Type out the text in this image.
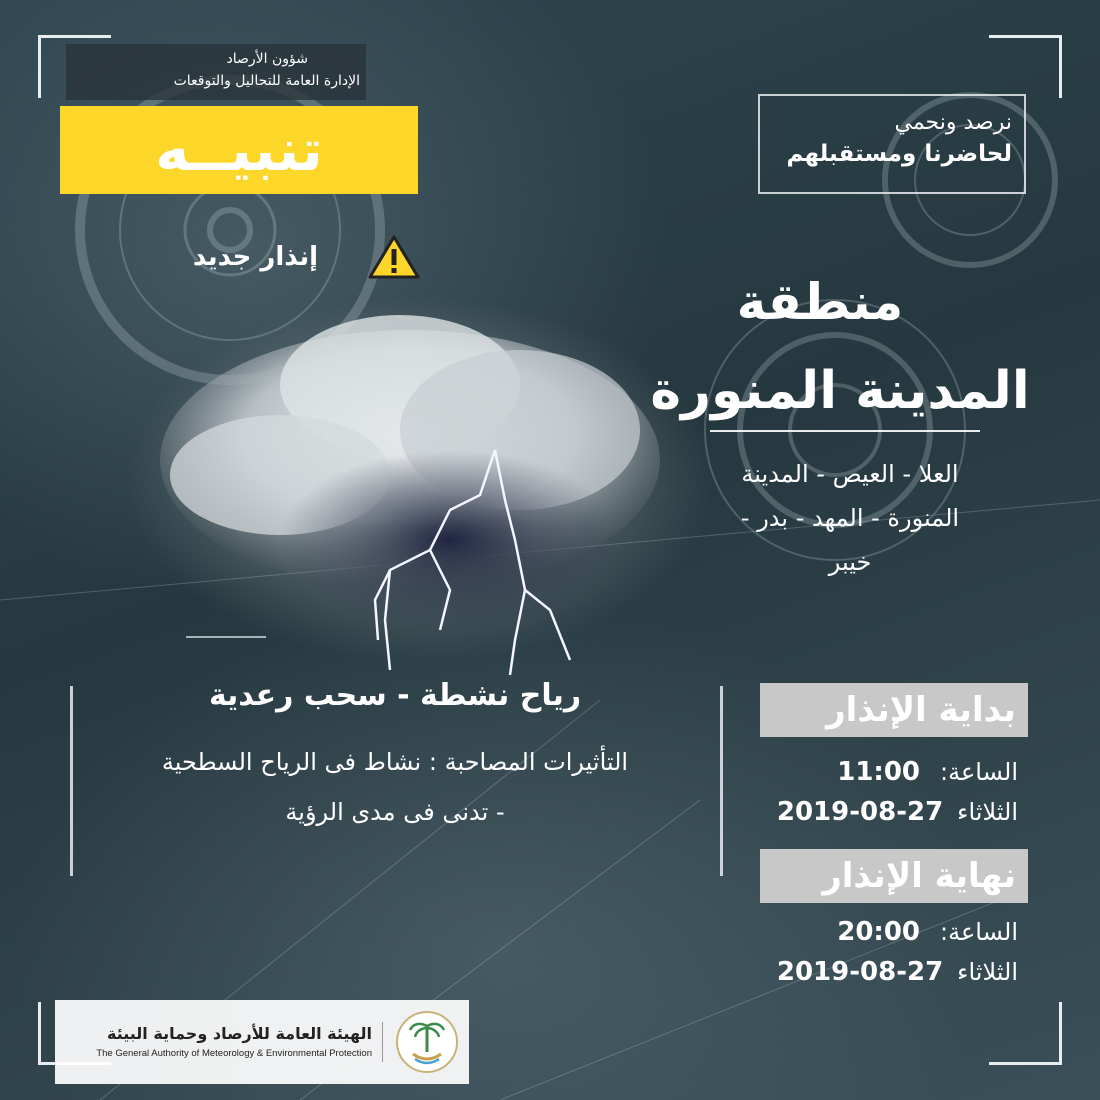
شؤون الأرصاد
الإدارة العامة للتحاليل والتوقعات
تنبيــه
إنذار جديد
نرصد ونحمي
لحاضرنا ومستقبلهم
منطقة
المدينة المنورة
العلا - العيص - المدينة
المنورة - المهد - بدر -
خيبر
رياح نشطة - سحب رعدية
التأثيرات المصاحبة : نشاط فى الرياح السطحية
- تدنى فى مدى الرؤية
بداية الإنذار
11:00 الساعة:
2019-08-27 الثلاثاء
نهاية الإنذار
20:00 الساعة:
2019-08-27 الثلاثاء
الهيئة العامة للأرصاد وحماية البيئة
The General Authority of Meteorology & Environmental Protection
